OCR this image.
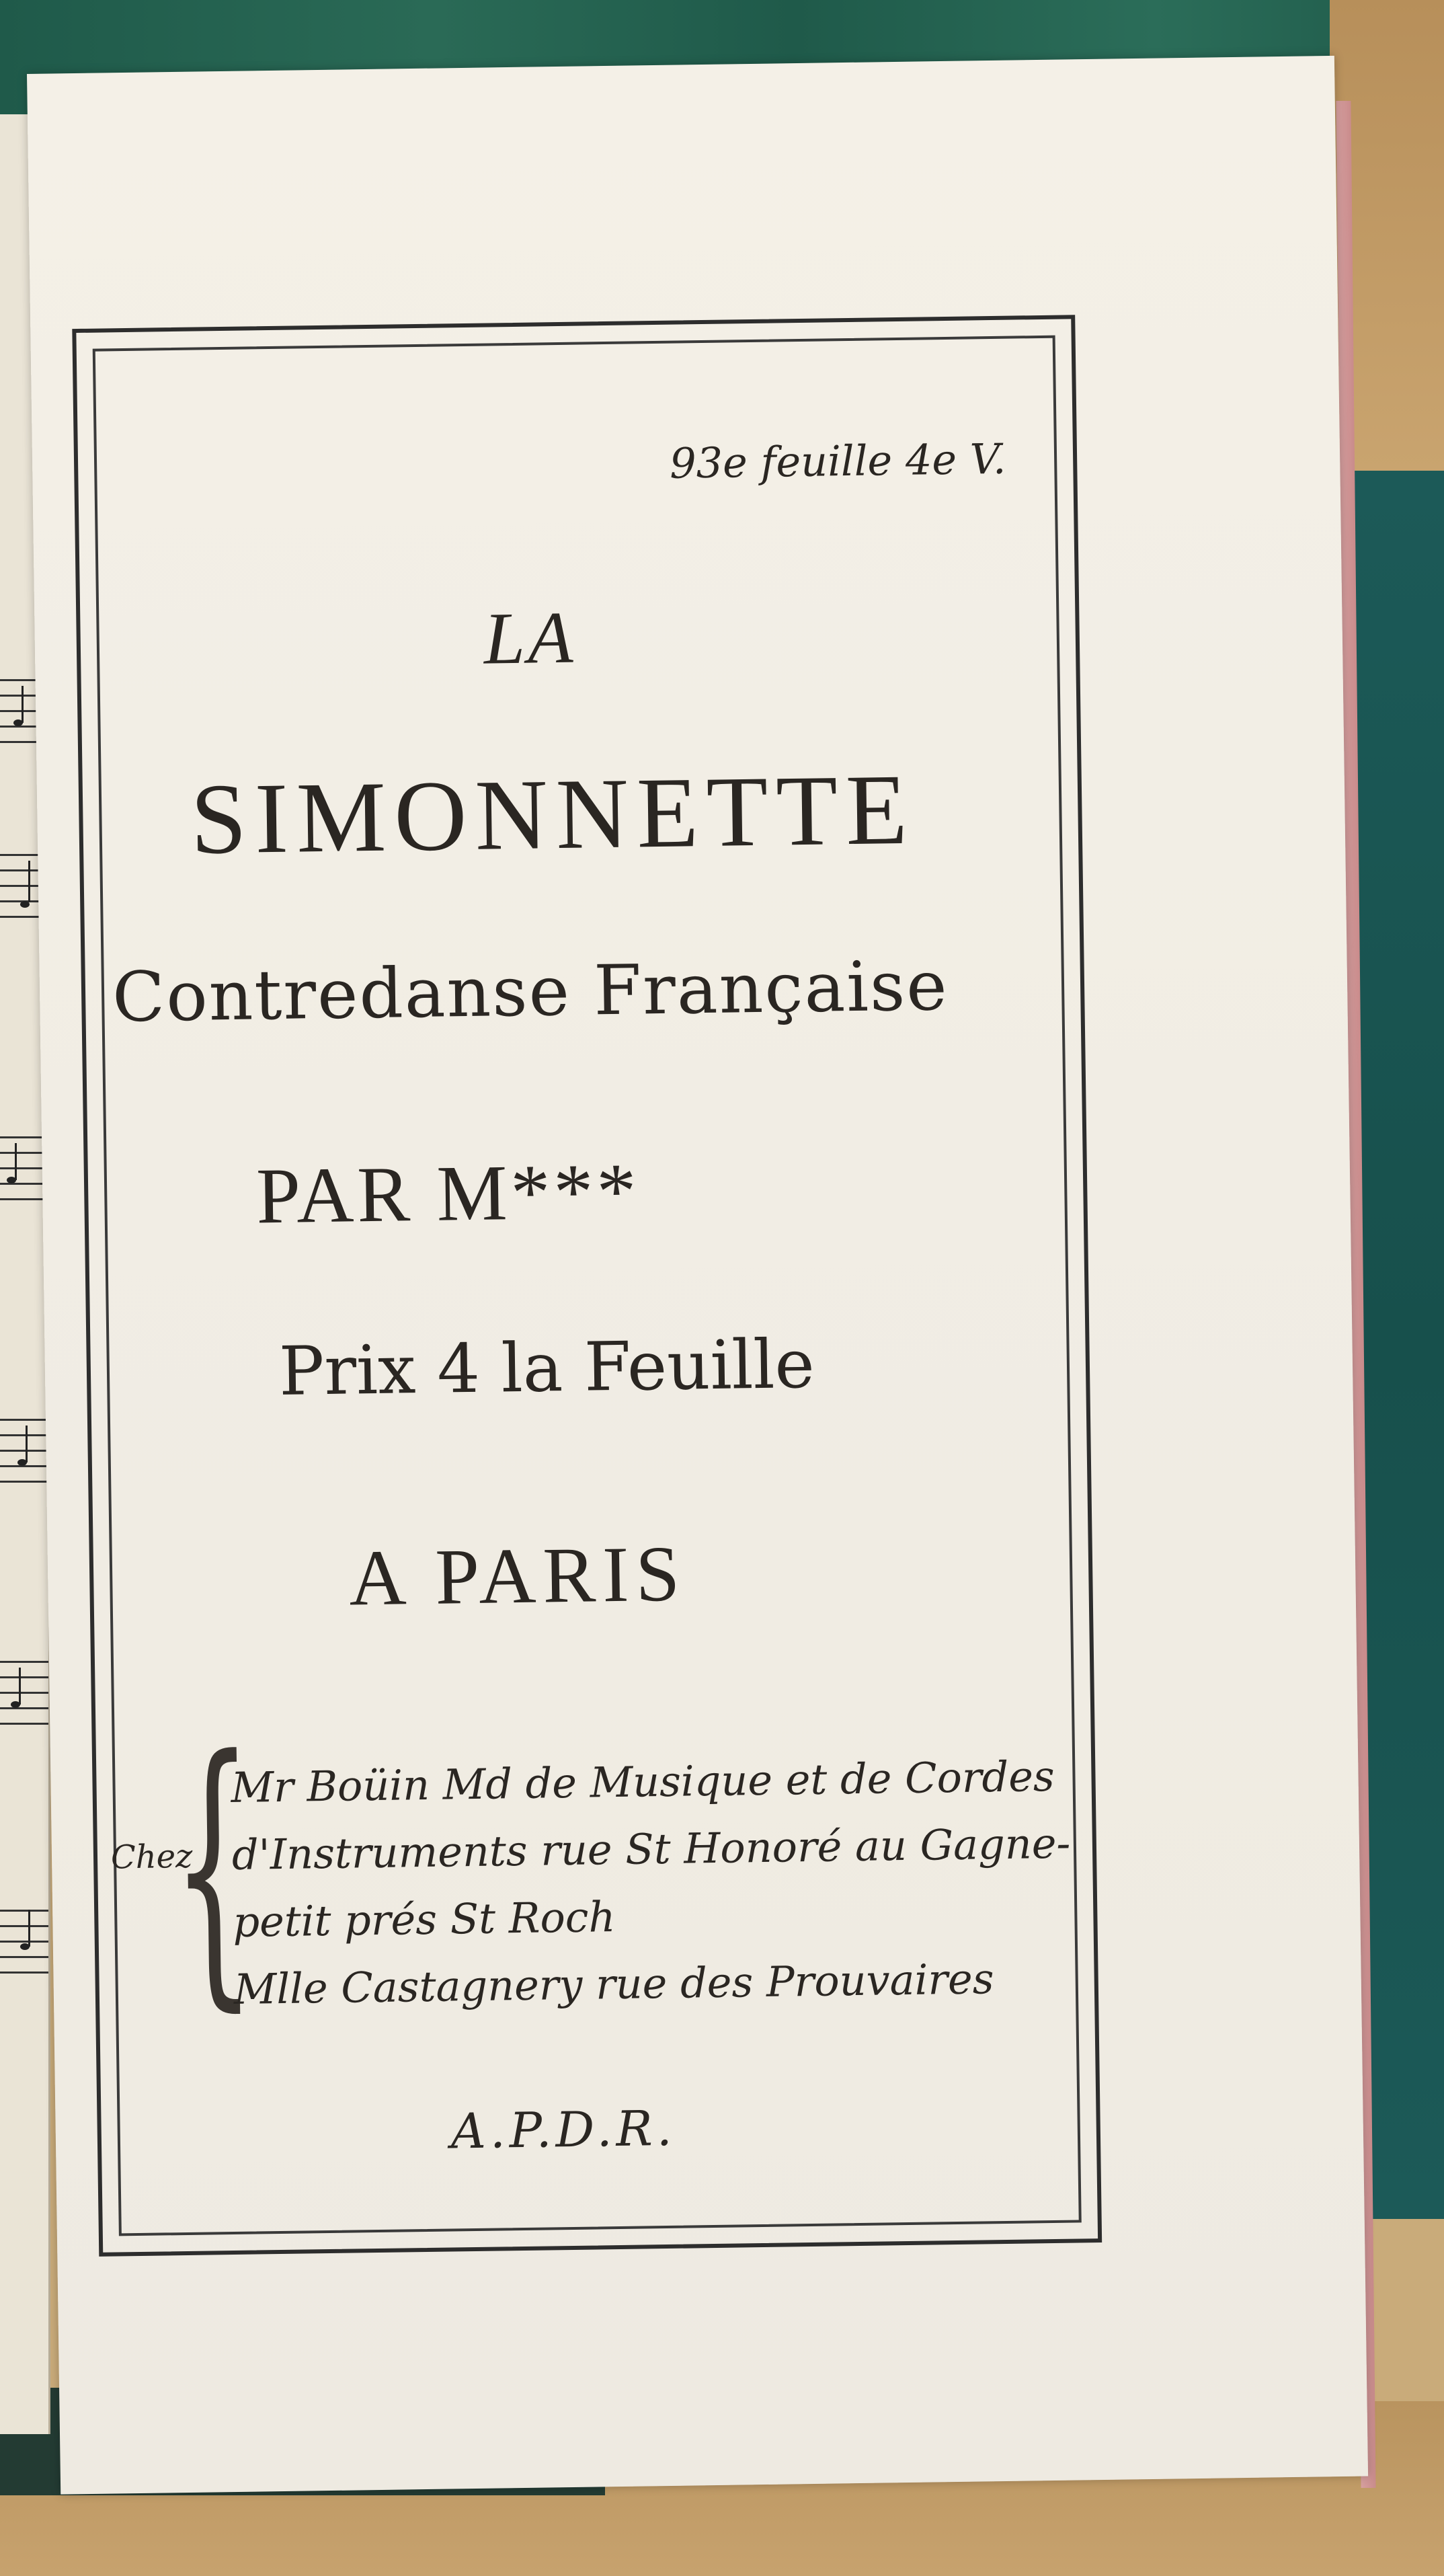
93e feuille 4e V.
LA
SIMONNETTE
Contredanse Française
PAR M***
Prix 4 la Feuille
A PARIS
Chez
{
Mr Boüin Md de Musique et de Cordes
d'Instruments rue St Honoré au Gagne-
petit prés St Roch
Mlle Castagnery rue des Prouvaires
A.P.D.R.
